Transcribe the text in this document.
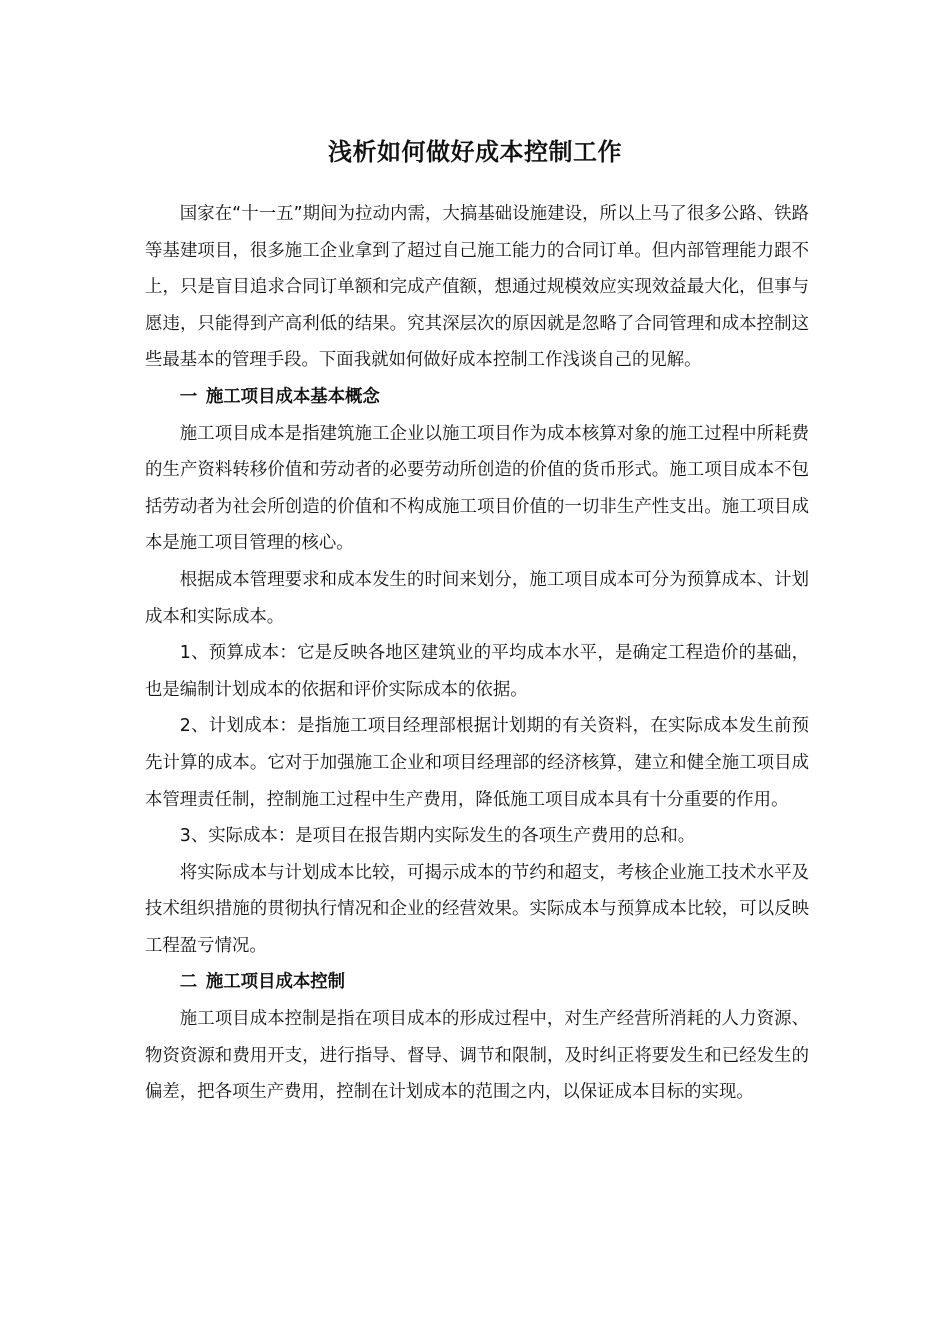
浅析如何做好成本控制工作

国家在“十一五”期间为拉动内需，大搞基础设施建设，所以上马了很多公路、铁路等基建项目，很多施工企业拿到了超过自己施工能力的合同订单。但内部管理能力跟不上，只是盲目追求合同订单额和完成产值额，想通过规模效应实现效益最大化，但事与愿违，只能得到产高利低的结果。究其深层次的原因就是忽略了合同管理和成本控制这些最基本的管理手段。下面我就如何做好成本控制工作浅谈自己的见解。

一 施工项目成本基本概念

施工项目成本是指建筑施工企业以施工项目作为成本核算对象的施工过程中所耗费的生产资料转移价值和劳动者的必要劳动所创造的价值的货币形式。施工项目成本不包括劳动者为社会所创造的价值和不构成施工项目价值的一切非生产性支出。施工项目成本是施工项目管理的核心。

根据成本管理要求和成本发生的时间来划分，施工项目成本可分为预算成本、计划成本和实际成本。

1、预算成本：它是反映各地区建筑业的平均成本水平，是确定工程造价的基础，也是编制计划成本的依据和评价实际成本的依据。

2、计划成本：是指施工项目经理部根据计划期的有关资料，在实际成本发生前预先计算的成本。它对于加强施工企业和项目经理部的经济核算，建立和健全施工项目成本管理责任制，控制施工过程中生产费用，降低施工项目成本具有十分重要的作用。

3、实际成本：是项目在报告期内实际发生的各项生产费用的总和。

将实际成本与计划成本比较，可揭示成本的节约和超支，考核企业施工技术水平及技术组织措施的贯彻执行情况和企业的经营效果。实际成本与预算成本比较，可以反映工程盈亏情况。

二 施工项目成本控制

施工项目成本控制是指在项目成本的形成过程中，对生产经营所消耗的人力资源、物资资源和费用开支，进行指导、督导、调节和限制，及时纠正将要发生和已经发生的偏差，把各项生产费用，控制在计划成本的范围之内，以保证成本目标的实现。
